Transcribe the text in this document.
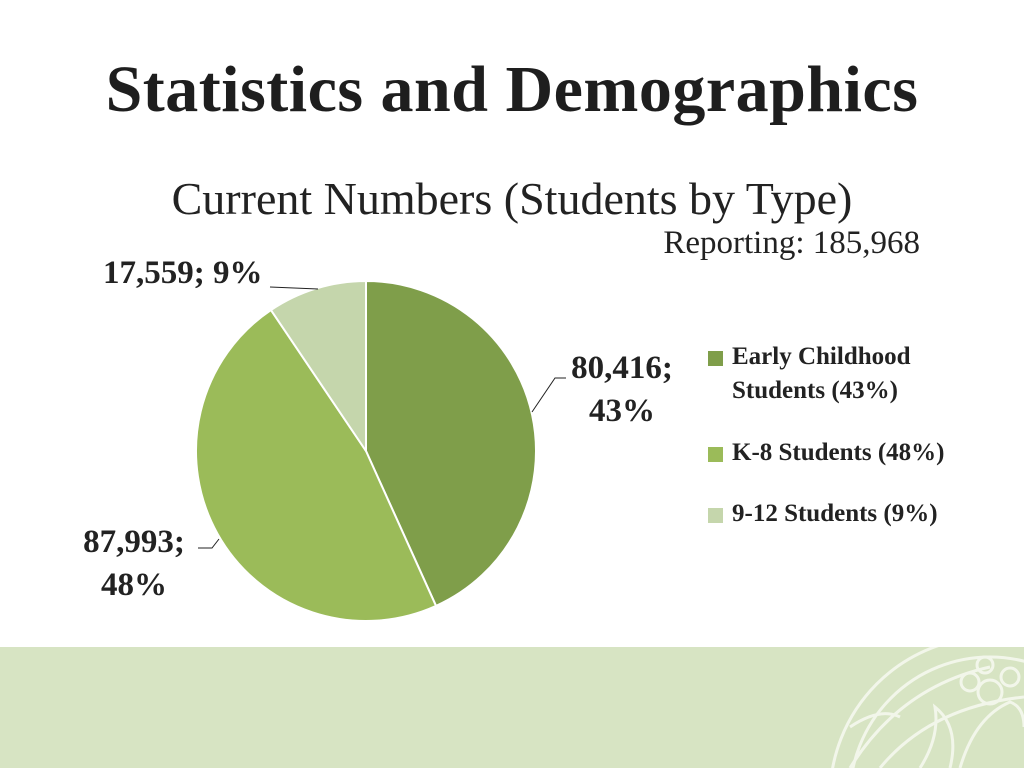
Statistics and Demographics
Current Numbers (Students by Type)
Reporting: 185,968
17,559; 9%
80,416;
43%
87,993;
48%
Early Childhood Students (43%)
K-8 Students (48%)
9-12 Students (9%)
